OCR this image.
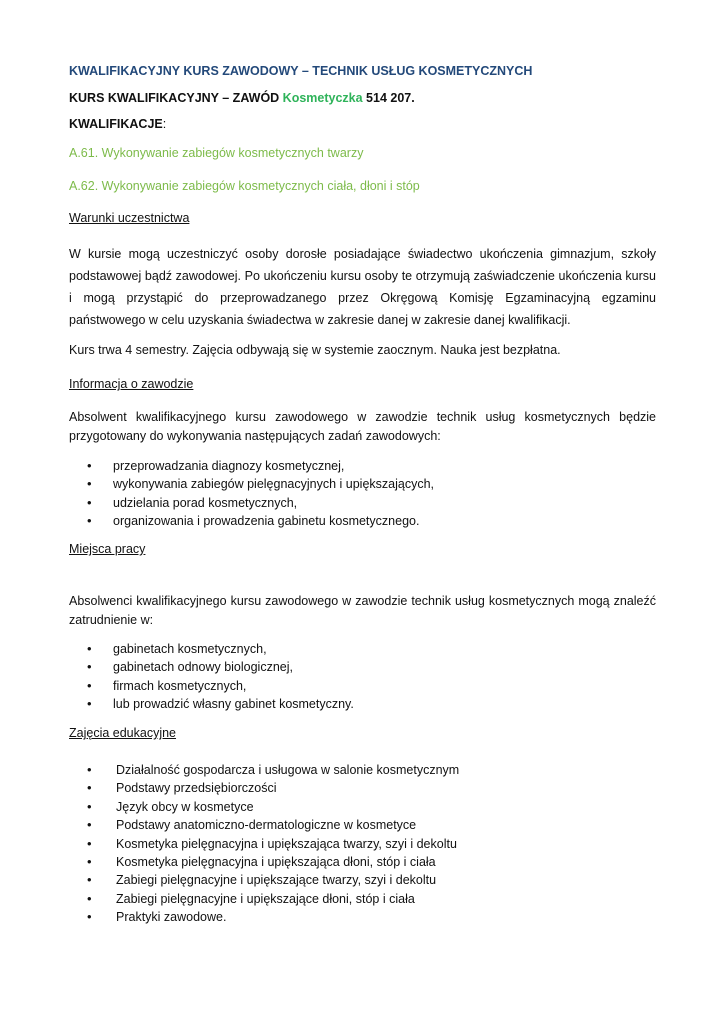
KWALIFIKACYJNY KURS ZAWODOWY – TECHNIK USŁUG KOSMETYCZNYCH
KURS KWALIFIKACYJNY – ZAWÓD Kosmetyczka 514 207.
KWALIFIKACJE:
A.61. Wykonywanie zabiegów kosmetycznych twarzy
A.62. Wykonywanie zabiegów kosmetycznych ciała, dłoni i stóp
Warunki uczestnictwa
W kursie mogą uczestniczyć osoby dorosłe posiadające świadectwo ukończenia gimnazjum, szkoły podstawowej bądź zawodowej. Po ukończeniu kursu osoby te otrzymują zaświadczenie ukończenia kursu i mogą przystąpić do przeprowadzanego przez Okręgową Komisję Egzaminacyjną egzaminu państwowego w celu uzyskania świadectwa w zakresie danej w zakresie danej kwalifikacji.
Kurs trwa 4 semestry. Zajęcia odbywają się w systemie zaocznym. Nauka jest bezpłatna.
Informacja o zawodzie
Absolwent kwalifikacyjnego kursu zawodowego w zawodzie technik usług kosmetycznych będzie przygotowany do wykonywania następujących zadań zawodowych:
• przeprowadzania diagnozy kosmetycznej,
• wykonywania zabiegów pielęgnacyjnych i upiększających,
• udzielania porad kosmetycznych,
• organizowania i prowadzenia gabinetu kosmetycznego.
Miejsca pracy
Absolwenci kwalifikacyjnego kursu zawodowego w zawodzie technik usług kosmetycznych mogą znaleźć zatrudnienie w:
• gabinetach kosmetycznych,
• gabinetach odnowy biologicznej,
• firmach kosmetycznych,
• lub prowadzić własny gabinet kosmetyczny.
Zajęcia edukacyjne
• Działalność gospodarcza i usługowa w salonie kosmetycznym
• Podstawy przedsiębiorczości
• Język obcy w kosmetyce
• Podstawy anatomiczno-dermatologiczne w kosmetyce
• Kosmetyka pielęgnacyjna i upiększająca twarzy, szyi i dekoltu
• Kosmetyka pielęgnacyjna i upiększająca dłoni, stóp i ciała
• Zabiegi pielęgnacyjne i upiększające twarzy, szyi i dekoltu
• Zabiegi pielęgnacyjne i upiększające dłoni, stóp i ciała
• Praktyki zawodowe.
